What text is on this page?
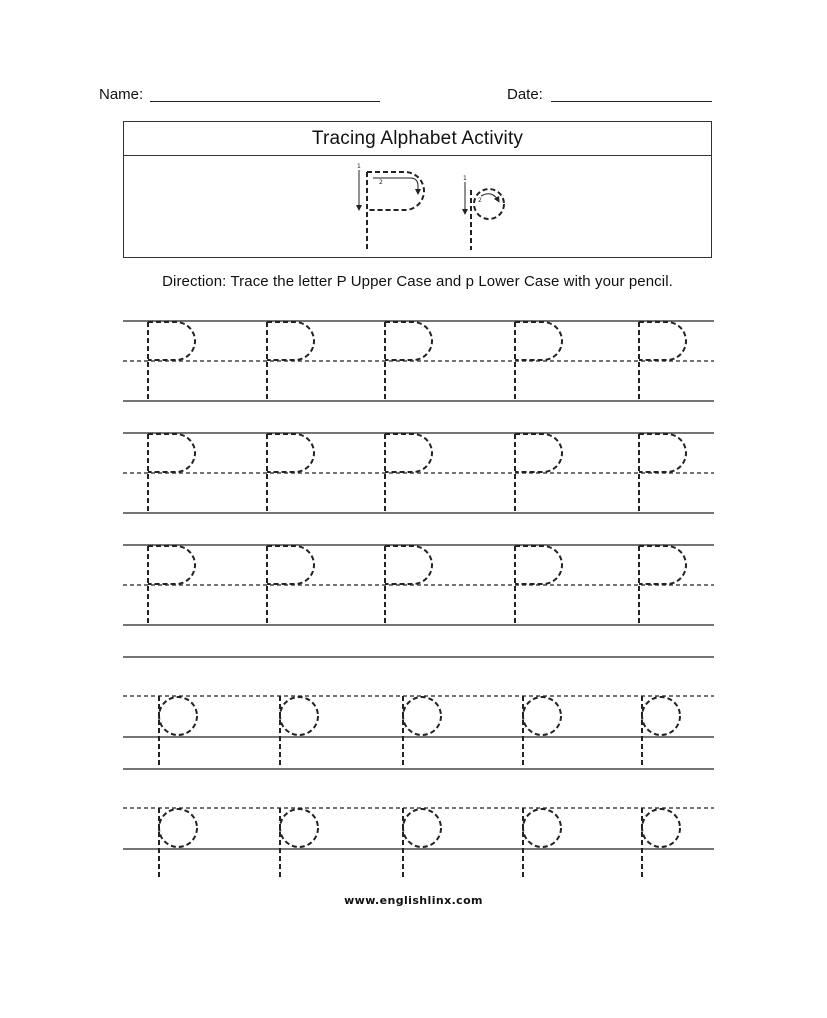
Name:	Date:
Tracing Alphabet Activity
Direction: Trace the letter P Upper Case and p Lower Case with your pencil.
1
2
1
2
www.englishlinx.com
